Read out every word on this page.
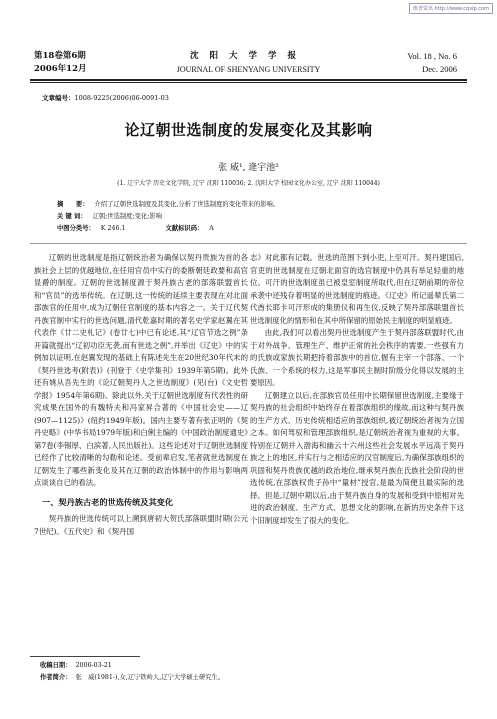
维普资讯 http://www.cqvip.com
第18卷第6期
2006年12月
沈阳大学学报
JOURNAL OF SHENYANG UNIVERSITY
Vol. 18 , No. 6
Dec. 2006
文章编号：1008-9225(2006)06-0091-03
论辽朝世选制度的发展变化及其影响
张 威¹, 逄宇池²
(1. 辽宁大学 历史文化学院, 辽宁 沈阳 110036; 2. 沈阳大学 校园文化办公室, 辽宁 沈阳 110044)
摘　　要： 介绍了辽朝世选制度及其变化,分析了世选制度的变化带来的影响。
关 键 词： 辽朝;世选制度;变化;影响
中图分类号： K 246.1	文献标识码： A

辽朝的世选制度是指辽朝统治者为确保以契丹贵族为首的各族社会上层的优越地位,在任用官员中实行的委断朝廷政要和高官显爵的制度。辽朝的世选制度源于契丹族古老的部落联盟首长和“官员”的选举传统。在辽朝,这一传统的延续主要表现在对北面部族官的任用中,成为辽朝任官制度的基本内容之一。关于辽代契丹族官制中实行的世选问题,清代乾嘉时期的著名史学家赵翼在其代表作《廿二史札记》(卷廿七)中已有论述,其“辽官节选之例”条开篇就提出“辽初功臣无袭,而有世选之例”,并举出《辽史》中的实例加以证明,在赵翼发现的基础上有陈述先生在20世纪30年代末的《契丹世选考(附表)》(刊登于《史学集刊》1939年第5期)。此外还有姚从吾先生的《论辽朝契丹人之世选制度》(见(台)《文史哲学报》1954年第6期)。除此以外,关于辽朝世选制度有代表性的研究成果在国外的有魏特夫和冯家昇合著的《中国社会史——辽(907—1125)》(纽约1949年版)。国内主要专著有张正明的《契丹史略》(中华书局1979年版)和白俐主编的《中国政治制度通史》第7卷(李锡厚、白滨著,人民出版社)。这些论述对于辽朝世选制度已经作了比较清晰的勾勒和论述。受前辈启发,笔者就世选制度在辽朝发生了哪些新变化及其在辽朝的政治体制中的作用与影响两点谈谈自已的看法。

一、契丹族古老的世选传统及其变化

契丹族的世选传统可以上溯到唐初大贺氏部落联盟时期(公元7世纪)。《五代史》和《契丹国

志》对此都有记载。世选的范围下到小吏,上至可汗。契丹建国后,官吏的世选制度在辽朝北面官的选官制度中仍具有举足轻重的地位。可汗的世选制度虽已被皇室制度所取代,但在辽朝前期的帝位承袭中还残存着明显的世选制度的痕迹。《辽史》所记遥辇氏第二代酋长耶卡可汗形成的集册仪和再生仪,反映了契丹部落联盟首长世选制度化的情形和在其中所保留的原始民主制度的明显痕迹。

由此,我们可以看出契丹世选制度产生于契丹部落联盟时代,由于对外战争、管理生产、维护正常的社会秩序的需要,一些强有力的氏族或家族长期把持着部族中的首位,握有主宰一个部落、一个氏族、一个系统的权力,这是军事民主制时阶级分化得以发展的主要原因。

辽朝建立以后,在部族官员任用中长期保留世选制度,主要缘于契丹族的社会组织中始终存在着部族组织的缘故,而这种与契丹族的生产方式、历史传统相适应的部族组织,被辽朝统治者视为立国之本。如何驾驭和管理部族组织,是辽朝统治者视为重视的大事。特别在辽朝并入渤海和幽云十六州这些社会发展水平远高于契丹族之上的地区,并实行与之相适应的汉官制度后,为确保部族组织的巩固和契丹贵族优越的政治地位,继承契丹族在氏族社会阶段的世选传统,在部族权贵子孙中“量材”授官,是最为简便且最实际的选择。但是,辽朝中期以后,由于契丹族自身的发展和受到中原相对先进的政治制度、生产方式、思想文化的影响,在新的历史条件下这个旧制度却发生了很大的变化。

收稿日期： 2006-03-21
作者简介： 张　威(1981-),女,辽宁铁岭人,辽宁大学硕士研究生。
